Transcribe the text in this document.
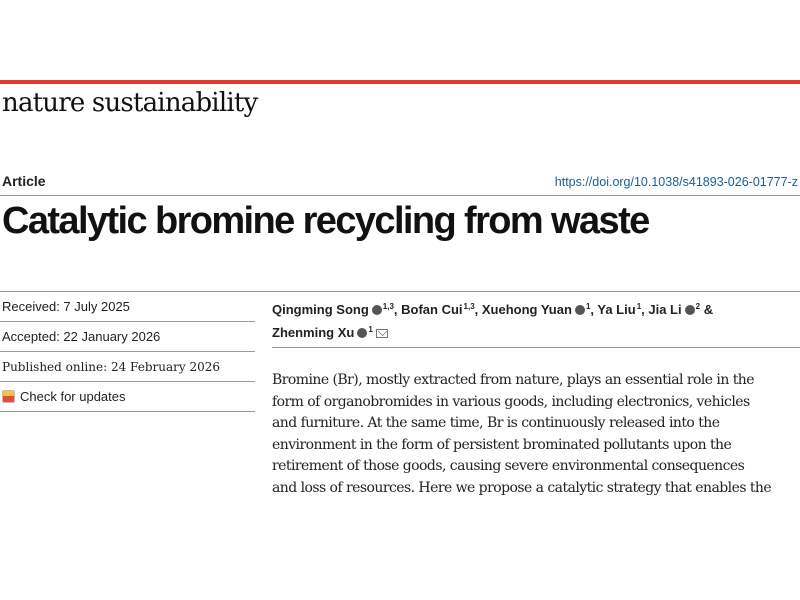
nature sustainability
Article	https://doi.org/10.1038/s41893-026-01777-z
Catalytic bromine recycling from waste
Received: 7 July 2025
Accepted: 22 January 2026
Published online: 24 February 2026
Check for updates
Qingming Song $^{1,3}$, Bofan Cui$^{1,3}$, Xuehong Yuan $^1$, Ya Liu$^1$, Jia Li $^2$ &
Zhenming Xu $^1$
Bromine (Br), mostly extracted from nature, plays an essential role in the
form of organobromides in various goods, including electronics, vehicles
and furniture. At the same time, Br is continuously released into the
environment in the form of persistent brominated pollutants upon the
retirement of those goods, causing severe environmental consequences
and loss of resources. Here we propose a catalytic strategy that enables the
